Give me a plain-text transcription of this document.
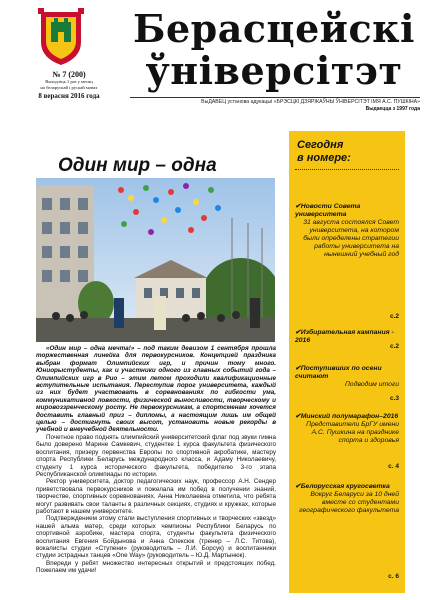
№ 7 (200)
Выходзіць 1 раз у месяц
на беларускай і рускай мовах
8 верасня 2016 года
Берасцейскі
ўніверсітэт
ВыДАВЕЦ установа адукацыі «БРЭСЦКІ ДЗЯРЖАЎНЫ ЎНІВЕРСІТЭТ ІМЯ А.С. ПУШКІНА»
Выдаецца з 1997 года
Один мир – одна

«Один мир – одна мечта!» – под таким девизом 1 сентября прошла торжественная линейка для первокурсников. Концепцией праздника выбран формат Олимпийских игр, и причин тому много. Юниорыстуденты, как и участники одного из главных событий года – Олимпийских игр в Рио – этим летом проходили квалификационные вступительные испытания. Переступив порог университета, каждый из них будет участвовать в соревнованиях по гибкости ума, коммуникативной ловкости, физической выносливости, творческому и мировоззренческому росту. Не первокурсникам, а спортсменам хочется доставить главный приз – дипломы, а настоящим лишь им общей целью – достигнуть своих высот, установить новые рекорды в учебной и внеучебной деятельности.

Почетное право поднять олимпийский университетский флаг под звуки гимна было доверено Марине Самкевич, студентке 1 курса факультета физического воспитания, призеру первенства Европы по спортивной акробатике, мастеру спорта Республики Беларусь международного класса, и Адаму Николаевичу, студенту 1 курса исторического факультета, победителю 3-го этапа Республиканской олимпиады по истории.

Ректор университета, доктор педагогических наук, профессор А.Н. Сендер приветствовала первокурсников и пожелала им побед в получении знаний, творчестве, спортивных соревнованиях. Анна Николаевна отметила, что ребята могут развивать свои таланты в различных секциях, студиях и кружках, которые работают в нашем университете.

Подтверждением этому стали выступления спортивных и творческих «звезд» нашей альма матер, среди которых чемпионы Республики Беларусь по спортивной аэробике, мастера спорта, студенты факультета физического воспитания Евгения Бойдынова и Анна Олексюк (тренер – Л.С. Титова), вокалисты студии «Ступени» (руководитель – Л.И. Борсук) и воспитанники студии эстрадных танцев «One Way» (руководитель – Ю.Д. Мартынюк).

Впереди у ребят множество интересных открытий и предстоящих побед. Пожелаем им удачи!

Сегодня
в номере:
✔Новости Совета университета
31 августа состоялся Совет университета, на котором были определены стратегии работы университета на нынешний учебный год
с.2
✔Избирательная кампания - 2016
с.2
✔Поступивших по осени считают
Подводим итоги
с.3
✔Минский полумарафон–2016
Представители БрГУ имени А.С. Пушкина на празднике спорта и здоровья
с. 4
✔Белорусская кругосветка
Вокруг Беларуси за 10 дней вместе со студентами географического факультета
с. 6
